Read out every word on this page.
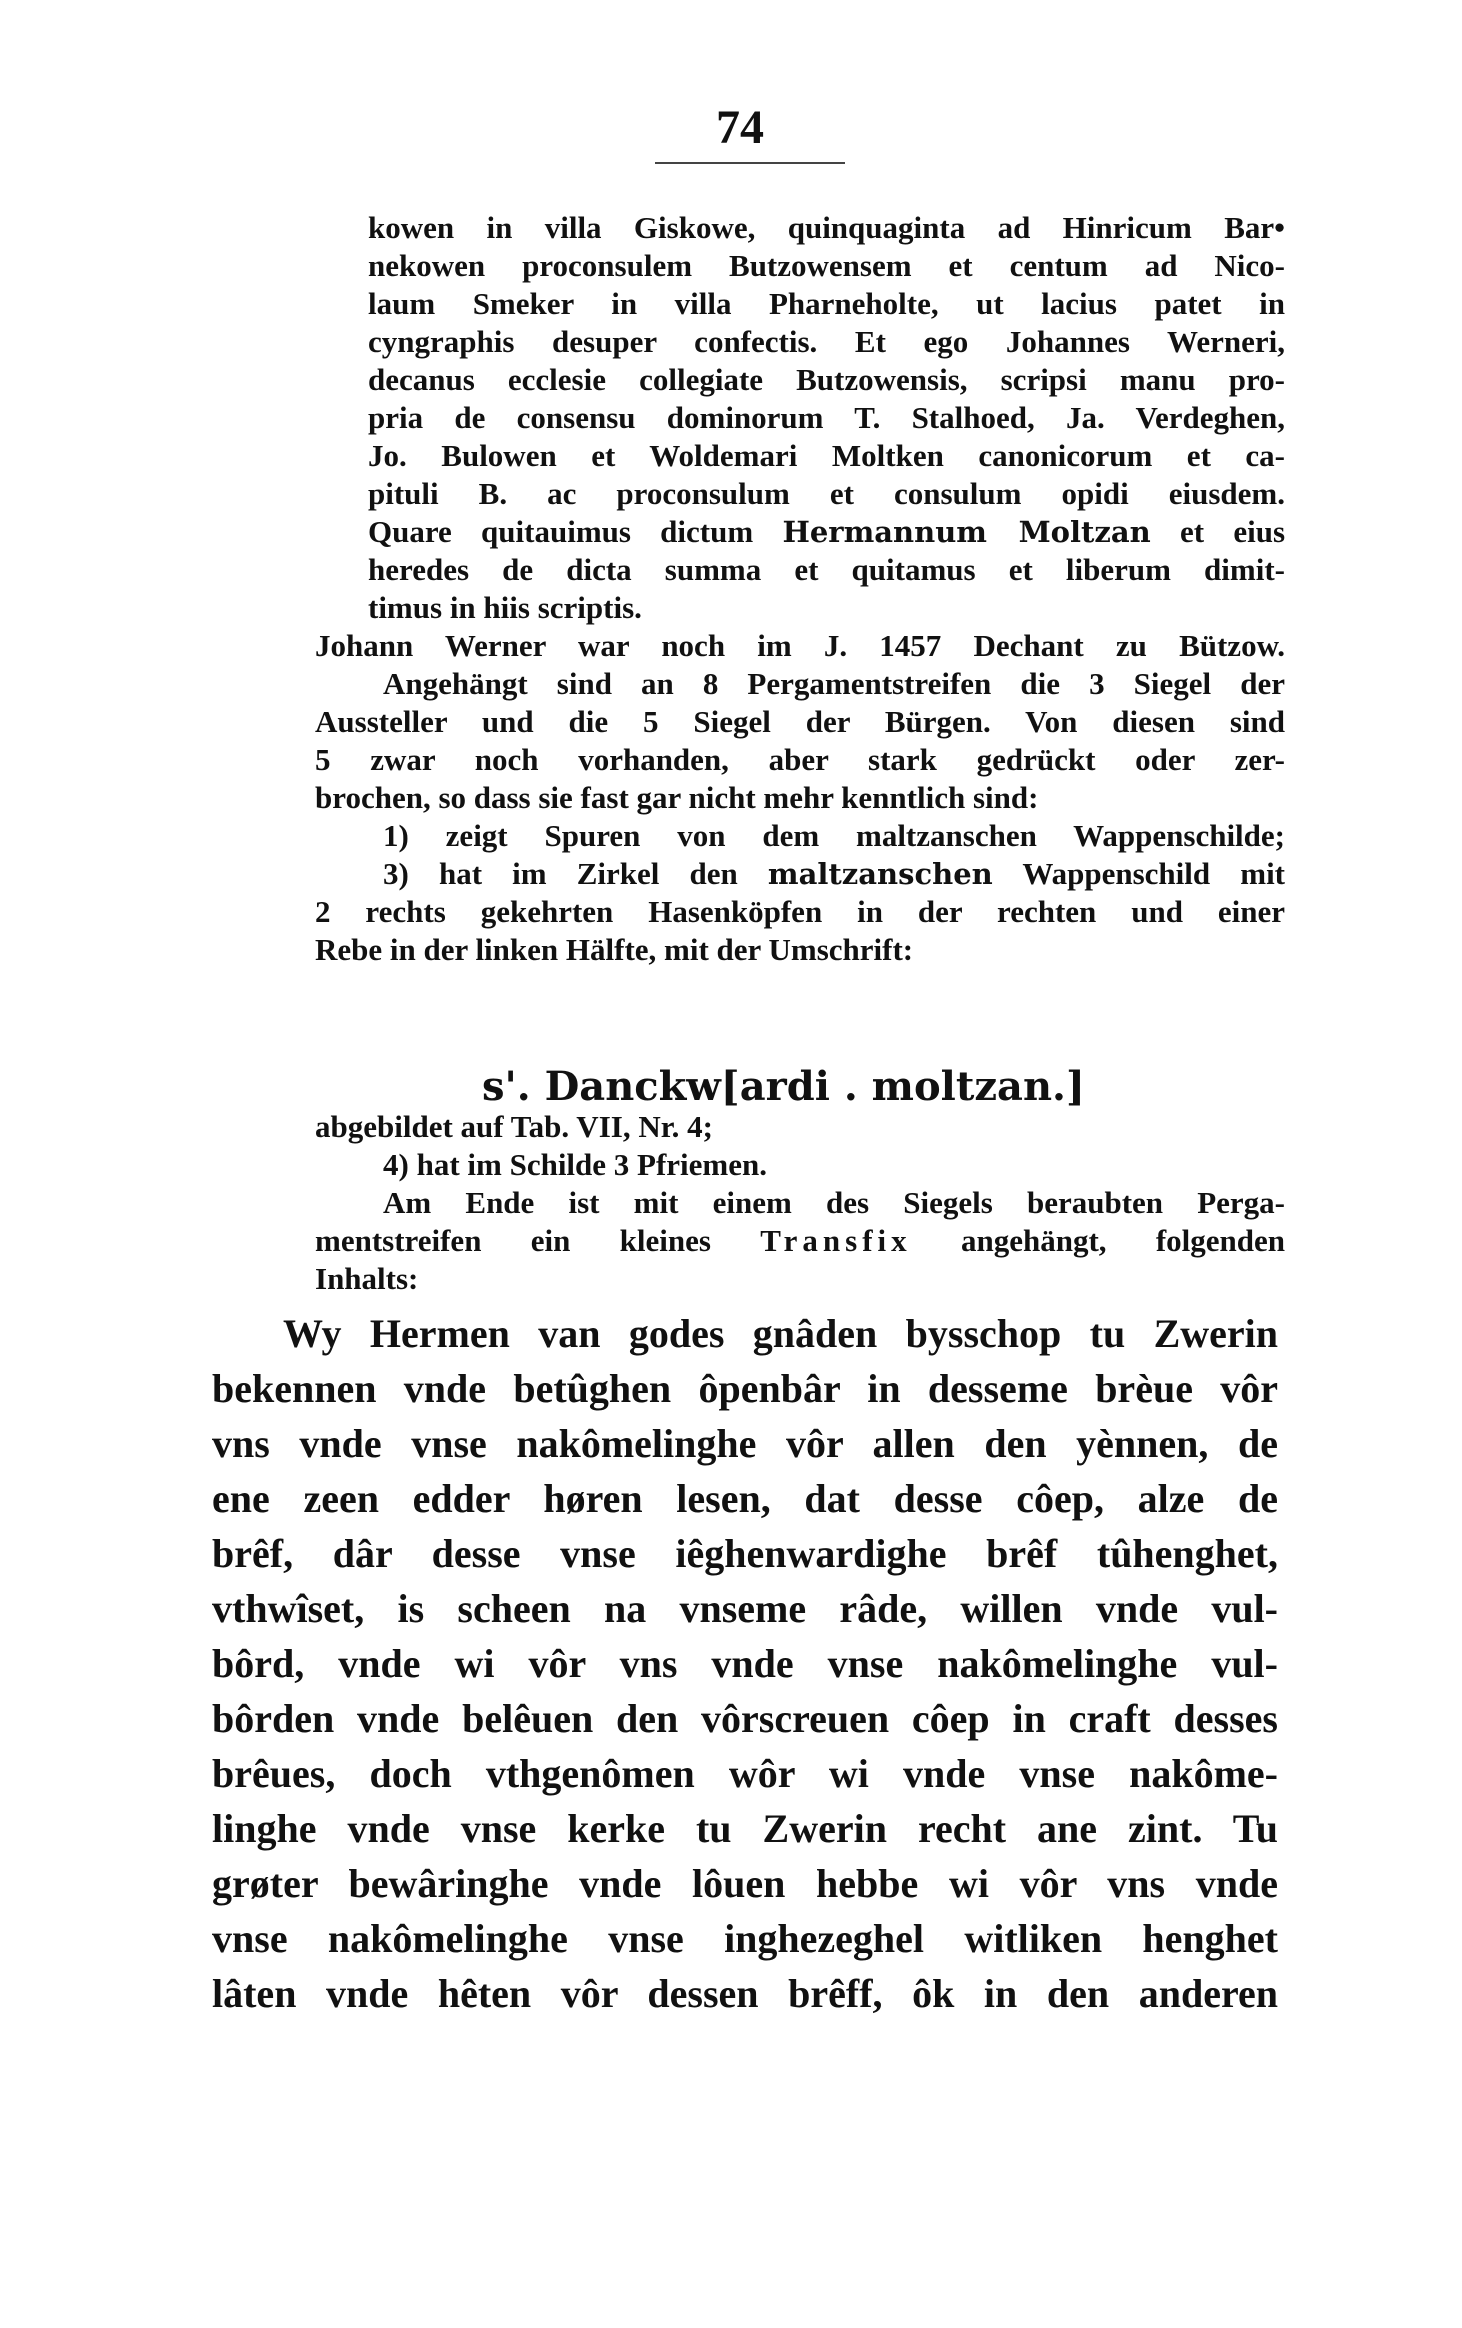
74
kowen in villa Giskowe, quinquaginta ad Hinricum Bar•
nekowen proconsulem Butzowensem et centum ad Nico-
laum Smeker in villa Pharneholte, ut lacius patet in
cyngraphis desuper confectis. Et ego Johannes Werneri,
decanus ecclesie collegiate Butzowensis, scripsi manu pro-
pria de consensu dominorum T. Stalhoed, Ja. Verdeghen,
Jo. Bulowen et Woldemari Moltken canonicorum et ca-
pituli B. ac proconsulum et consulum opidi eiusdem.
Quare quitauimus dictum Hermannum Moltzan et eius
heredes de dicta summa et quitamus et liberum dimit-
timus in hiis scriptis.
Johann Werner war noch im J. 1457 Dechant zu Bützow.
Angehängt sind an 8 Pergamentstreifen die 3 Siegel der
Aussteller und die 5 Siegel der Bürgen. Von diesen sind
5 zwar noch vorhanden, aber stark gedrückt oder zer-
brochen, so dass sie fast gar nicht mehr kenntlich sind:
1) zeigt Spuren von dem maltzanschen Wappenschilde;
3) hat im Zirkel den maltzanschen Wappenschild mit
2 rechts gekehrten Hasenköpfen in der rechten und einer
Rebe in der linken Hälfte, mit der Umschrift:
s'. Danckw[ardi . moltzan.]
abgebildet auf Tab. VII, Nr. 4;
4) hat im Schilde 3 Pfriemen.
Am Ende ist mit einem des Siegels beraubten Perga-
mentstreifen ein kleines Transfix angehängt, folgenden
Inhalts:
Wy Hermen van godes gnâden bysschop tu Zwerin
bekennen vnde betûghen ôpenbâr in desseme brèue vôr
vns vnde vnse nakômelinghe vôr allen den yènnen, de
ene zeen edder høren lesen, dat desse côep, alze de
brêf, dâr desse vnse iêghenwardighe brêf tûhenghet,
vthwîset, is scheen na vnseme râde, willen vnde vul-
bôrd, vnde wi vôr vns vnde vnse nakômelinghe vul-
bôrden vnde belêuen den vôrscreuen côep in craft desses
brêues, doch vthgenômen wôr wi vnde vnse nakôme-
linghe vnde vnse kerke tu Zwerin recht ane zint. Tu
grøter bewâringhe vnde lôuen hebbe wi vôr vns vnde
vnse nakômelinghe vnse inghezeghel witliken henghet
lâten vnde hêten vôr dessen brêff, ôk in den anderen
